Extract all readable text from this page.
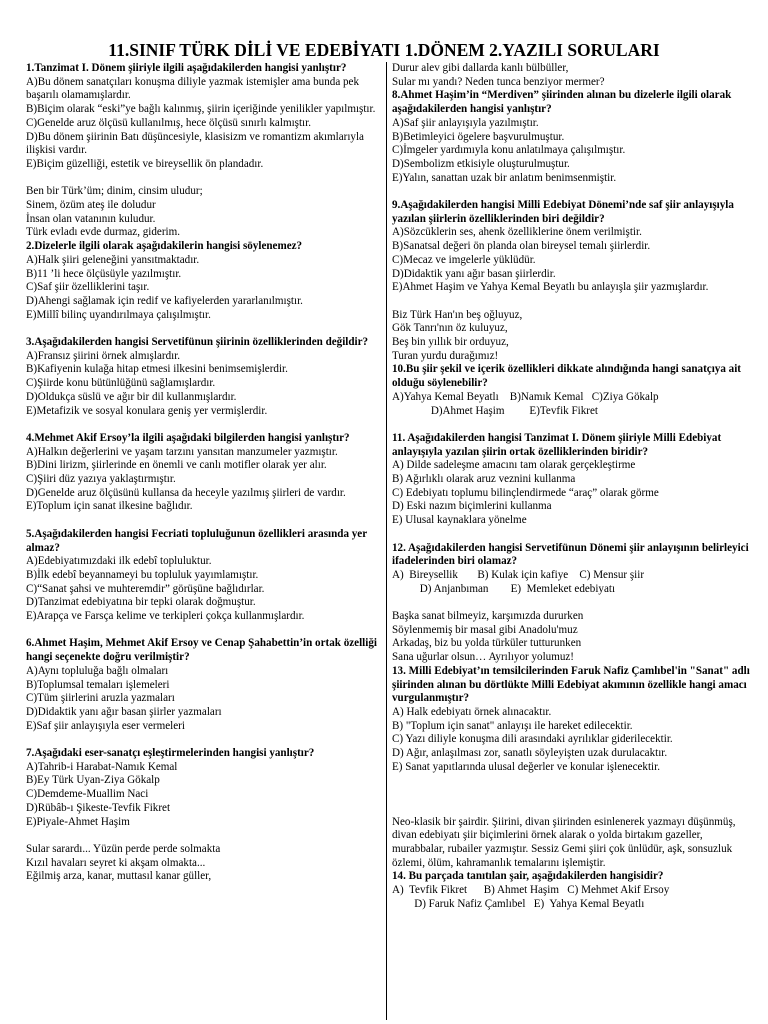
11.SINIF TÜRK DİLİ VE EDEBİYATI 1.DÖNEM 2.YAZILI SORULARI
1.Tanzimat I. Dönem şiiriyle ilgili aşağıdakilerden hangisi yanlıştır?
A)Bu dönem sanatçıları konuşma diliyle yazmak istemişler ama bunda pek başarılı olamamışlardır.
B)Biçim olarak “eski”ye bağlı kalınmış, şiirin içeriğinde yenilikler yapılmıştır.
C)Genelde aruz ölçüsü kullanılmış, hece ölçüsü sınırlı kalmıştır.
D)Bu dönem şiirinin Batı düşüncesiyle, klasisizm ve romantizm akımlarıyla ilişkisi vardır.
E)Biçim güzelliği, estetik ve bireysellik ön plandadır.
Ben bir Türk’üm; dinim, cinsim uludur;
Sinem, özüm ateş ile doludur
İnsan olan vatanının kuludur.
Türk evladı evde durmaz, giderim.
2.Dizelerle ilgili olarak aşağıdakilerin hangisi söylenemez?
A)Halk şiiri geleneğini yansıtmaktadır.
B)11 ’li hece ölçüsüyle yazılmıştır.
C)Saf şiir özelliklerini taşır.
D)Ahengi sağlamak için redif ve kafiyelerden yararlanılmıştır.
E)Millî bilinç uyandırılmaya çalışılmıştır.
3.Aşağıdakilerden hangisi Servetifünun şiirinin özelliklerinden değildir?
A)Fransız şiirini örnek almışlardır.
B)Kafiyenin kulağa hitap etmesi ilkesini benimsemişlerdir.
C)Şiirde konu bütünlüğünü sağlamışlardır.
D)Oldukça süslü ve ağır bir dil kullanmışlardır.
E)Metafizik ve sosyal konulara geniş yer vermişlerdir.
4.Mehmet Akif Ersoy’la ilgili aşağıdaki bilgilerden hangisi yanlıştır?
A)Halkın değerlerini ve yaşam tarzını yansıtan manzumeler yazmıştır.
B)Dini lirizm, şiirlerinde en önemli ve canlı motifler olarak yer alır.
C)Şiiri düz yazıya yaklaştırmıştır.
D)Genelde aruz ölçüsünü kullansa da heceyle yazılmış şiirleri de vardır.
E)Toplum için sanat ilkesine bağlıdır.
5.Aşağıdakilerden hangisi Fecriati topluluğunun özellikleri arasında yer almaz?
A)Edebiyatımızdaki ilk edebî topluluktur.
B)İlk edebî beyannameyi bu topluluk yayımlamıştır.
C)“Sanat şahsi ve muhteremdir” görüşüne bağlıdırlar.
D)Tanzimat edebiyatına bir tepki olarak doğmuştur.
E)Arapça ve Farsça kelime ve terkipleri çokça kullanmışlardır.
6.Ahmet Haşim, Mehmet Akif Ersoy ve Cenap Şahabettin’in ortak özelliği hangi seçenekte doğru verilmiştir?
A)Aynı topluluğa bağlı olmaları
B)Toplumsal temaları işlemeleri
C)Tüm şiirlerini aruzla yazmaları
D)Didaktik yanı ağır basan şiirler yazmaları
E)Saf şiir anlayışıyla eser vermeleri
7.Aşağıdaki eser-sanatçı eşleştirmelerinden hangisi yanlıştır?
A)Tahrib-i Harabat-Namık Kemal
B)Ey Türk Uyan-Ziya Gökalp
C)Demdeme-Muallim Naci
D)Rübâb-ı Şikeste-Tevfik Fikret
E)Piyale-Ahmet Haşim
Sular sarardı... Yüzün perde perde solmakta
Kızıl havaları seyret ki akşam olmakta...
Eğilmiş arza, kanar, muttasıl kanar güller,
Durur alev gibi dallarda kanlı bülbüller,
Sular mı yandı? Neden tunca benziyor mermer?
8.Ahmet Haşim’in “Merdiven” şiirinden alınan bu dizelerle ilgili olarak aşağıdakilerden hangisi yanlıştır?
A)Saf şiir anlayışıyla yazılmıştır.
B)Betimleyici ögelere başvurulmuştur.
C)İmgeler yardımıyla konu anlatılmaya çalışılmıştır.
D)Sembolizm etkisiyle oluşturulmuştur.
E)Yalın, sanattan uzak bir anlatım benimsenmiştir.
9.Aşağıdakilerden hangisi Milli Edebiyat Dönemi’nde saf şiir anlayışıyla yazılan şiirlerin özelliklerinden biri değildir?
A)Sözcüklerin ses, ahenk özelliklerine önem verilmiştir.
B)Sanatsal değeri ön planda olan bireysel temalı şiirlerdir.
C)Mecaz ve imgelerle yüklüdür.
D)Didaktik yanı ağır basan şiirlerdir.
E)Ahmet Haşim ve Yahya Kemal Beyatlı bu anlayışla şiir yazmışlardır.
Biz Türk Han'ın beş oğluyuz,
Gök Tanrı'nın öz kuluyuz,
Beş bin yıllık bir orduyuz,
Turan yurdu durağımız!
10.Bu şiir şekil ve içerik özellikleri dikkate alındığında hangi sanatçıya ait olduğu söylenebilir?
A)Yahya Kemal Beyatlı    B)Namık Kemal   C)Ziya Gökalp
D)Ahmet Haşim         E)Tevfik Fikret
11. Aşağıdakilerden hangisi Tanzimat I. Dönem şiiriyle Milli Edebiyat anlayışıyla yazılan şiirin ortak özelliklerinden biridir?
A) Dilde sadeleşme amacını tam olarak gerçekleştirme
B) Ağırlıklı olarak aruz veznini kullanma
C) Edebiyatı toplumu bilinçlendirmede “araç” olarak görme
D) Eski nazım biçimlerini kullanma
E) Ulusal kaynaklara yönelme
12. Aşağıdakilerden hangisi Servetifünun Dönemi şiir anlayışının belirleyici ifadelerinden biri olamaz?
A)  Bireysellik       B) Kulak için kafiye    C) Mensur şiir
D) Anjanbıman        E)  Memleket edebiyatı
Başka sanat bilmeyiz, karşımızda dururken
Söylenmemiş bir masal gibi Anadolu'muz
Arkadaş, biz bu yolda türküler tutturunken
Sana uğurlar olsun… Ayrılıyor yolumuz!
13. Milli Edebiyat’ın temsilcilerinden Faruk Nafiz Çamlıbel'in "Sanat" adlı şiirinden alınan bu dörtlükte Milli Edebiyat akımının özellikle hangi amacı vurgulanmıştır?
A) Halk edebiyatı örnek alınacaktır.
B) "Toplum için sanat" anlayışı ile hareket edilecektir.
C) Yazı diliyle konuşma dili arasındaki ayrılıklar giderilecektir.
D) Ağır, anlaşılması zor, sanatlı söyleyişten uzak durulacaktır.
E) Sanat yapıtlarında ulusal değerler ve konular işlenecektir.
Neo-klasik bir şairdir. Şiirini, divan şiirinden esinlenerek yazmayı düşünmüş, divan edebiyatı şiir biçimlerini örnek alarak o yolda birtakım gazeller, murabbalar, rubailer yazmıştır. Sessiz Gemi şiiri çok ünlüdür, aşk, sonsuzluk özlemi, ölüm, kahramanlık temalarını işlemiştir.
14. Bu parçada tanıtılan şair, aşağıdakilerden hangisidir?
A)  Tevfik Fikret      B) Ahmet Haşim   C) Mehmet Akif Ersoy
D) Faruk Nafiz Çamlıbel   E)  Yahya Kemal Beyatlı
